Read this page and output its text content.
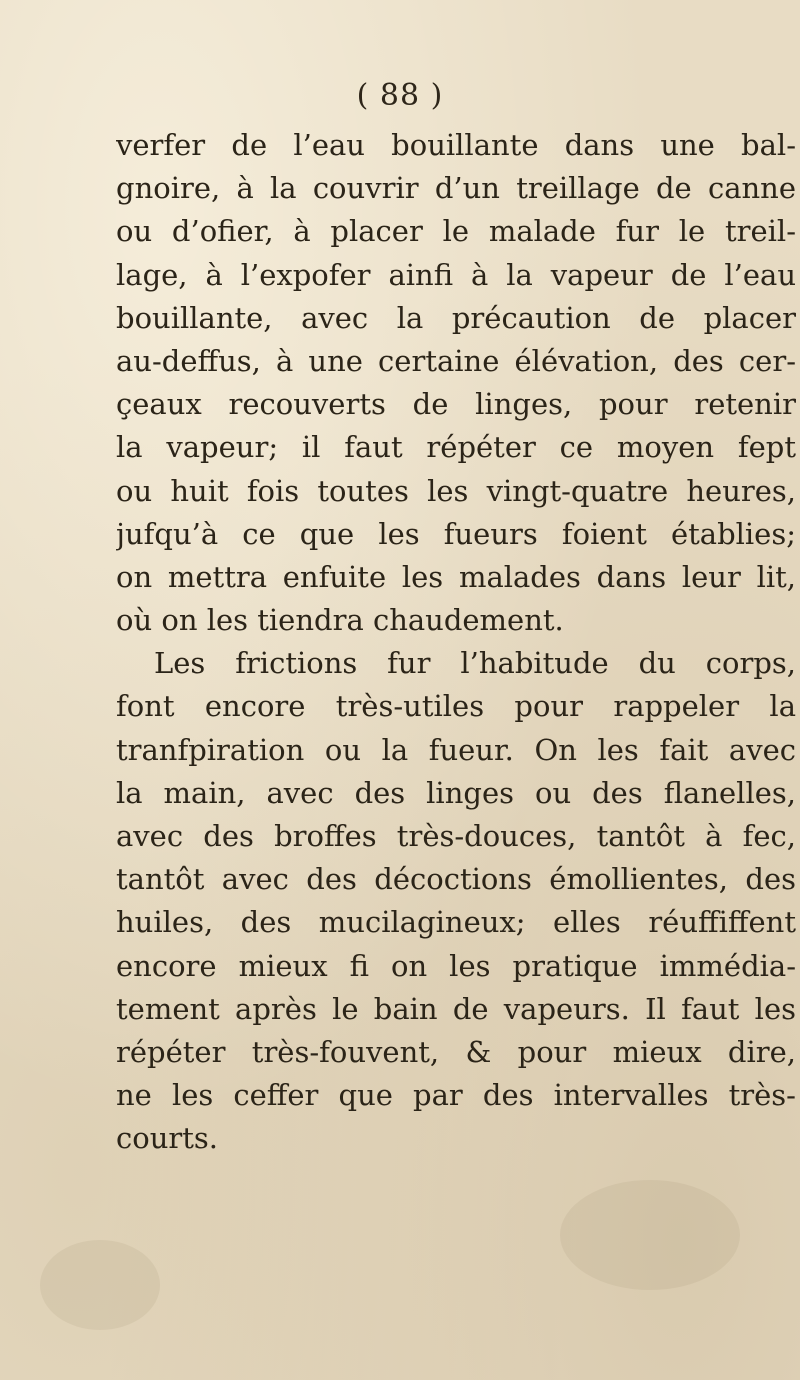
( 88 )
verfer de l’eau bouillante dans une bal-
gnoire, à la couvrir d’un treillage de canne
ou d’ofier, à placer le malade fur le treil-
lage, à l’expofer ainfi à la vapeur de l’eau
bouillante, avec la précaution de placer
au-deffus, à une certaine élévation, des cer-
çeaux recouverts de linges, pour retenir
la vapeur; il faut répéter ce moyen fept
ou huit fois toutes les vingt-quatre heures,
jufqu’à ce que les fueurs foient établies;
on mettra enfuite les malades dans leur lit,
où on les tiendra chaudement.
Les frictions fur l’habitude du corps,
font encore très-utiles pour rappeler la
tranfpiration ou la fueur. On les fait avec
la main, avec des linges ou des flanelles,
avec des broffes très-douces, tantôt à fec,
tantôt avec des décoctions émollientes, des
huiles, des mucilagineux; elles réuffiffent
encore mieux fi on les pratique immédia-
tement après le bain de vapeurs. Il faut les
répéter très-fouvent, & pour mieux dire,
ne les ceffer que par des intervalles très-
courts.
